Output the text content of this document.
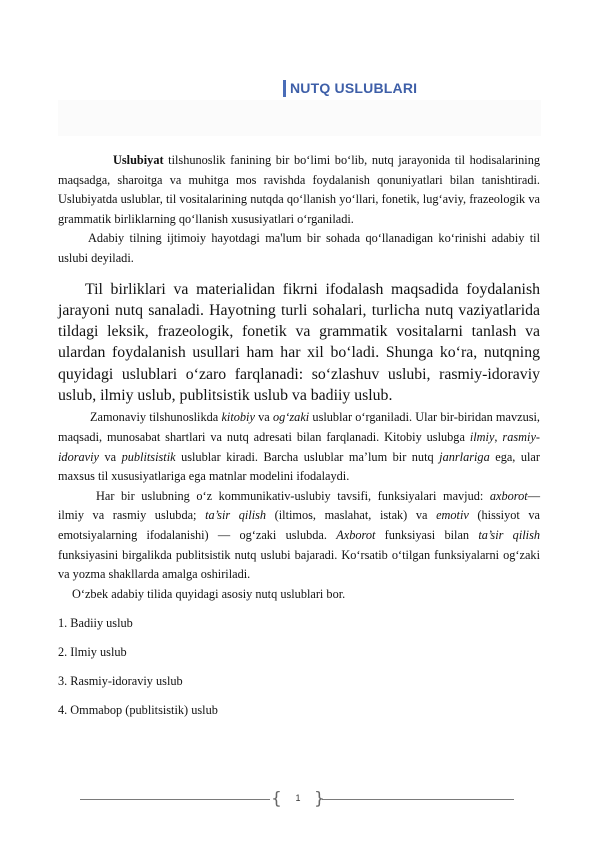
NUTQ USLUBLARI

Uslubiyat tilshunoslik fanining bir bo‘limi bo‘lib, nutq jarayonida til hodisalarining maqsadga, sharoitga va muhitga mos ravishda foydalanish qonuniyatlari bilan tanishtiradi. Uslubiyatda uslublar, til vositalarining nutqda qo‘llanish yo‘llari, fonetik, lug‘aviy, frazeologik va grammatik birliklarning qo‘llanish xususiyatlari o‘rganiladi.

Adabiy tilning ijtimoiy hayotdagi ma'lum bir sohada qo‘llanadigan ko‘rinishi adabiy til uslubi deyiladi.

Til birliklari va materialidan fikrni ifodalash maqsadida foydalanish jarayoni nutq sanaladi. Hayotning turli sohalari, turlicha nutq vaziyatlarida tildagi leksik, frazeologik, fonetik va grammatik vositalarni tanlash va ulardan foydalanish usullari ham har xil bo‘ladi. Shunga ko‘ra, nutqning quyidagi uslublari o‘zaro farqlanadi: so‘zlashuv uslubi, rasmiy-idoraviy uslub, ilmiy uslub, publitsistik uslub va badiiy uslub.

Zamonaviy tilshunoslikda kitobiy va og‘zaki uslublar o‘rganiladi. Ular bir-biridan mavzusi, maqsadi, munosabat shartlari va nutq adresati bilan farqlanadi. Kitobiy uslubga ilmiy, rasmiy-idoraviy va publitsistik uslublar kiradi. Barcha uslublar ma’lum bir nutq janrlariga ega, ular maxsus til xususiyatlariga ega matnlar modelini ifodalaydi.

Har bir uslubning o‘z kommunikativ-uslubiy tavsifi, funksiyalari mavjud: axborot— ilmiy va rasmiy uslubda; ta’sir qilish (iltimos, maslahat, istak) va emotiv (hissiyot va emotsiyalarning ifodalanishi) — og‘zaki uslubda. Axborot funksiyasi bilan ta’sir qilish funksiyasini birgalikda publitsistik nutq uslubi bajaradi. Ko‘rsatib o‘tilgan funksiyalarni og‘zaki va yozma shakllarda amalga oshiriladi.

O‘zbek adabiy tilida quyidagi asosiy nutq uslublari bor.

1. Badiiy uslub

2. Ilmiy uslub

3. Rasmiy-idoraviy uslub

4. Ommabop (publitsistik) uslub

{ }
1
